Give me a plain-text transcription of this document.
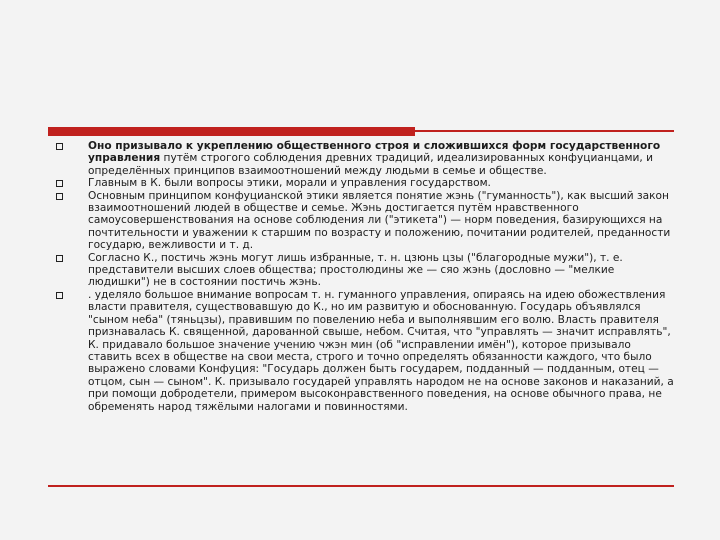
Оно призывало к укреплению общественного строя и сложившихся форм государственного управления путём строгого соблюдения древних традиций, идеализированных конфуцианцами, и определённых принципов взаимоотношений между людьми в семье и обществе.
Главным в К. были вопросы этики, морали и управления государством.
Основным принципом конфуцианской этики является понятие жэнь ("гуманность"), как высший закон взаимоотношений людей в обществе и семье. Жэнь достигается путём нравственного самоусовершенствования на основе соблюдения ли ("этикета") — норм поведения, базирующихся на почтительности и уважении к старшим по возрасту и положению, почитании родителей, преданности государю, вежливости и т. д.
Согласно К., постичь жэнь могут лишь избранные, т. н. цзюнь цзы ("благородные мужи"), т. е. представители высших слоев общества; простолюдины же — сяо жэнь (дословно — "мелкие людишки") не в состоянии постичь жэнь.
. уделяло большое внимание вопросам т. н. гуманного управления, опираясь на идею обожествления власти правителя, существовавшую до К., но им развитую и обоснованную. Государь объявлялся "сыном неба" (тяньцзы), правившим по повелению неба и выполнявшим его волю. Власть правителя признавалась К. священной, дарованной свыше, небом. Считая, что "управлять — значит исправлять", К. придавало большое значение учению чжэн мин (об "исправлении имён"), которое призывало ставить всех в обществе на свои места, строго и точно определять обязанности каждого, что было выражено словами Конфуция: "Государь должен быть государем, подданный — подданным, отец — отцом, сын — сыном". К. призывало государей управлять народом не на основе законов и наказаний, а при помощи добродетели, примером высоконравственного поведения, на основе обычного права, не обременять народ тяжёлыми налогами и повинностями.
